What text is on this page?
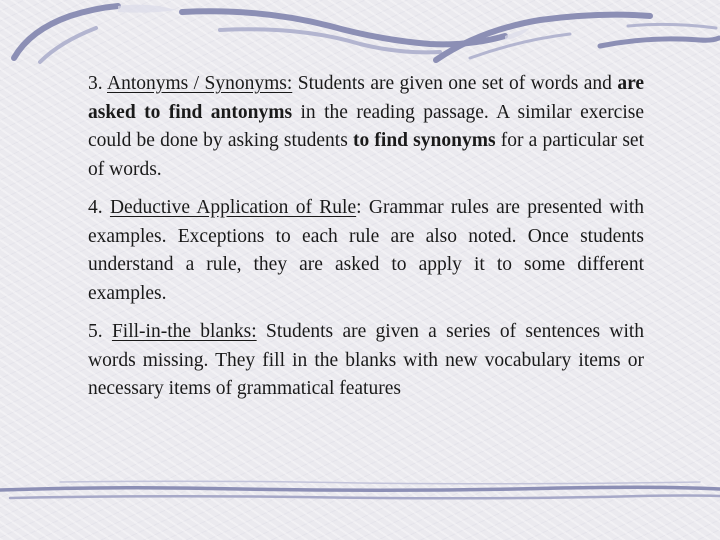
3. Antonyms / Synonyms: Students are given one set of words and are asked to find antonyms in the reading passage. A similar exercise could be done by asking students to find synonyms for a particular set of words.

4. Deductive Application of Rule: Grammar rules are presented with examples. Exceptions to each rule are also noted. Once students understand a rule, they are asked to apply it to some different examples.

5. Fill-in-the blanks: Students are given a series of sentences with words missing. They fill in the blanks with new vocabulary items or necessary items of grammatical features
